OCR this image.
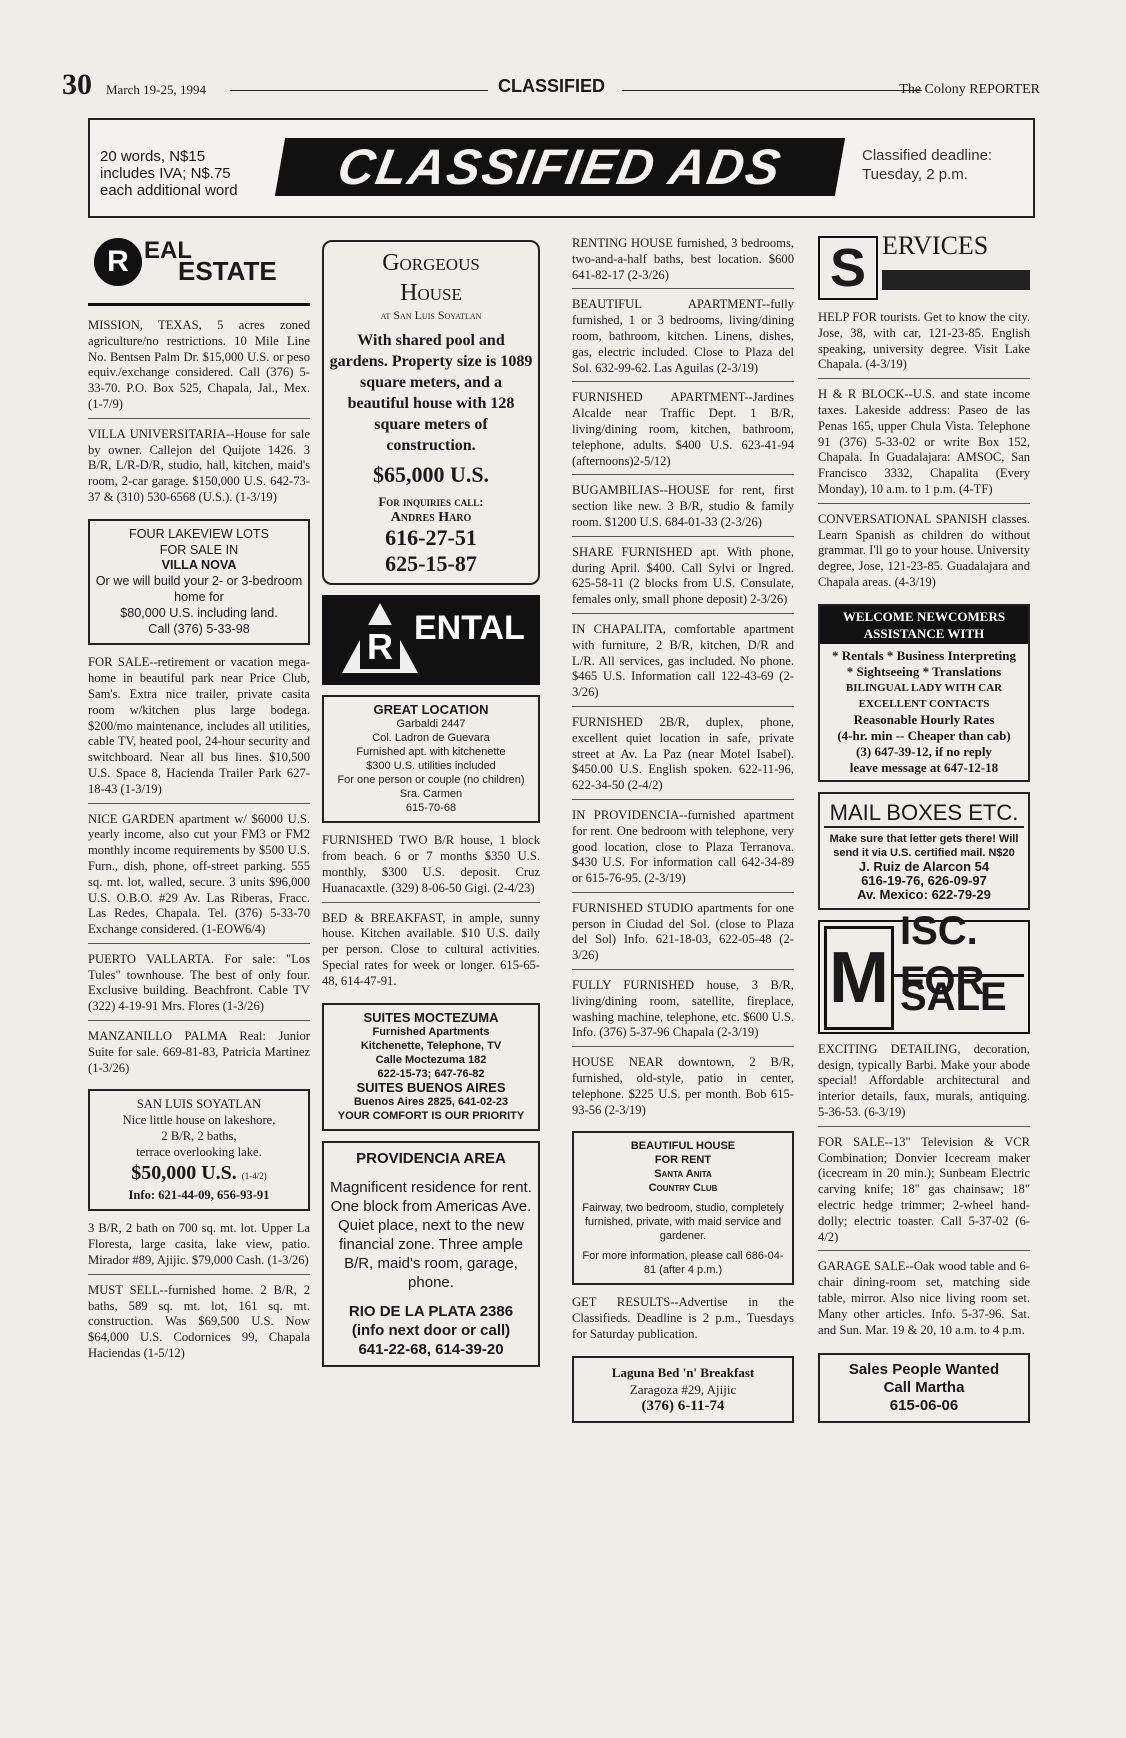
30 March 19-25, 1994	CLASSIFIED	The Colony REPORTER
20 words, N$15
includes IVA; N$.75
each additional word	CLASSIFIED ADS	Classified deadline:
Tuesday, 2 p.m.
R EAL
ESTATE
MISSION, TEXAS, 5 acres zoned agriculture/no restrictions. 10 Mile Line No. Bentsen Palm Dr. $15,000 U.S. or peso equiv./exchange considered. Call (376) 5-33-70. P.O. Box 525, Chapala, Jal., Mex. (1-7/9)
VILLA UNIVERSITARIA--House for sale by owner. Callejon del Quijote 1426. 3 B/R, L/R-D/R, studio, hall, kitchen, maid's room, 2-car garage. $150,000 U.S. 642-73-37 & (310) 530-6568 (U.S.). (1-3/19)
FOUR LAKEVIEW LOTS
FOR SALE IN
VILLA NOVA
Or we will build your 2- or 3-bedroom home for
$80,000 U.S. including land.
Call (376) 5-33-98
FOR SALE--retirement or vacation mega-home in beautiful park near Price Club, Sam's. Extra nice trailer, private casita room w/kitchen plus large bodega. $200/mo maintenance, includes all utilities, cable TV, heated pool, 24-hour security and switchboard. Near all bus lines. $10,500 U.S. Space 8, Hacienda Trailer Park 627-18-43 (1-3/19)
NICE GARDEN apartment w/ $6000 U.S. yearly income, also cut your FM3 or FM2 monthly income requirements by $500 U.S. Furn., dish, phone, off-street parking. 555 sq. mt. lot, walled, secure. 3 units $96,000 U.S. O.B.O. #29 Av. Las Riberas, Fracc. Las Redes, Chapala. Tel. (376) 5-33-70 Exchange considered. (1-EOW6/4)
PUERTO VALLARTA. For sale: "Los Tules" townhouse. The best of only four. Exclusive building. Beachfront. Cable TV (322) 4-19-91 Mrs. Flores (1-3/26)
MANZANILLO PALMA Real: Junior Suite for sale. 669-81-83, Patricia Martinez (1-3/26)
SAN LUIS SOYATLAN
Nice little house on lakeshore,
2 B/R, 2 baths,
terrace overlooking lake.
$50,000 U.S. (1-4/2)
Info: 621-44-09, 656-93-91
3 B/R, 2 bath on 700 sq. mt. lot. Upper La Floresta, large casita, lake view, patio. Mirador #89, Ajijic. $79,000 Cash. (1-3/26)
MUST SELL--furnished home. 2 B/R, 2 baths, 589 sq. mt. lot, 161 sq. mt. construction. Was $69,500 U.S. Now $64,000 U.S. Codornices 99, Chapala Haciendas (1-5/12)
Gorgeous
House
at San Luis Soyatlan
With shared pool and gardens. Property size is 1089 square meters, and a beautiful house with 128 square meters of construction.
$65,000 U.S.
For inquiries call:
Andres Haro
616-27-51
625-15-87
R ENTAL
GREAT LOCATION
Garbaldi 2447
Col. Ladron de Guevara
Furnished apt. with kitchenette
$300 U.S. utilities included
For one person or couple (no children) Sra. Carmen
615-70-68
FURNISHED TWO B/R house, 1 block from beach. 6 or 7 months $350 U.S. monthly, $300 U.S. deposit. Cruz Huanacaxtle. (329) 8-06-50 Gigi. (2-4/23)
BED & BREAKFAST, in ample, sunny house. Kitchen available. $10 U.S. daily per person. Close to cultural activities. Special rates for week or longer. 615-65-48, 614-47-91.
SUITES MOCTEZUMA
Furnished Apartments
Kitchenette, Telephone, TV
Calle Moctezuma 182
622-15-73; 647-76-82
SUITES BUENOS AIRES
Buenos Aires 2825, 641-02-23
YOUR COMFORT IS OUR PRIORITY
PROVIDENCIA AREA
Magnificent residence for rent. One block from Americas Ave. Quiet place, next to the new financial zone. Three ample B/R, maid's room, garage, phone.
RIO DE LA PLATA 2386
(info next door or call)
641-22-68, 614-39-20
RENTING HOUSE furnished, 3 bedrooms, two-and-a-half baths, best location. $600 641-82-17 (2-3/26)
BEAUTIFUL APARTMENT--fully furnished, 1 or 3 bedrooms, living/dining room, bathroom, kitchen. Linens, dishes, gas, electric included. Close to Plaza del Sol. 632-99-62. Las Aguilas (2-3/19)
FURNISHED APARTMENT--Jardines Alcalde near Traffic Dept. 1 B/R, living/dining room, kitchen, bathroom, telephone, adults. $400 U.S. 623-41-94 (afternoons)2-5/12)
BUGAMBILIAS--HOUSE for rent, first section like new. 3 B/R, studio & family room. $1200 U.S. 684-01-33 (2-3/26)
SHARE FURNISHED apt. With phone, during April. $400. Call Sylvi or Ingred. 625-58-11 (2 blocks from U.S. Consulate, females only, small phone deposit) 2-3/26)
IN CHAPALITA, comfortable apartment with furniture, 2 B/R, kitchen, D/R and L/R. All services, gas included. No phone. $465 U.S. Information call 122-43-69 (2-3/26)
FURNISHED 2B/R, duplex, phone, excellent quiet location in safe, private street at Av. La Paz (near Motel Isabel). $450.00 U.S. English spoken. 622-11-96, 622-34-50 (2-4/2)
IN PROVIDENCIA--furnished apartment for rent. One bedroom with telephone, very good location, close to Plaza Terranova. $430 U.S. For information call 642-34-89 or 615-76-95. (2-3/19)
FURNISHED STUDIO apartments for one person in Ciudad del Sol. (close to Plaza del Sol) Info. 621-18-03, 622-05-48 (2-3/26)
FULLY FURNISHED house, 3 B/R, living/dining room, satellite, fireplace, washing machine, telephone, etc. $600 U.S. Info. (376) 5-37-96 Chapala (2-3/19)
HOUSE NEAR downtown, 2 B/R, furnished, old-style, patio in center, telephone. $225 U.S. per month. Bob 615-93-56 (2-3/19)
BEAUTIFUL HOUSE
FOR RENT
Santa Anita
Country Club
Fairway, two bedroom, studio, completely furnished, private, with maid service and gardener.
For more information, please call 686-04-81 (after 4 p.m.)
GET RESULTS--Advertise in the Classifieds. Deadline is 2 p.m., Tuesdays for Saturday publication.
Laguna Bed 'n' Breakfast
Zaragoza #29, Ajijic
(376) 6-11-74
S ERVICES
HELP FOR tourists. Get to know the city. Jose, 38, with car, 121-23-85. English speaking, university degree. Visit Lake Chapala. (4-3/19)
H & R BLOCK--U.S. and state income taxes. Lakeside address: Paseo de las Penas 165, upper Chula Vista. Telephone 91 (376) 5-33-02 or write Box 152, Chapala. In Guadalajara: AMSOC, San Francisco 3332, Chapalita (Every Monday), 10 a.m. to 1 p.m. (4-TF)
CONVERSATIONAL SPANISH classes. Learn Spanish as children do without grammar. I'll go to your house. University degree, Jose, 121-23-85. Guadalajara and Chapala areas. (4-3/19)
WELCOME NEWCOMERS
ASSISTANCE WITH
* Rentals * Business Interpreting
* Sightseeing * Translations
BILINGUAL LADY WITH CAR
EXCELLENT CONTACTS
Reasonable Hourly Rates
(4-hr. min -- Cheaper than cab)
(3) 647-39-12, if no reply
leave message at 647-12-18
MAIL BOXES ETC.
Make sure that letter gets there! Will send it via U.S. certified mail. N$20
J. Ruiz de Alarcon 54
616-19-76, 626-09-97
Av. Mexico: 622-79-29
M
ISC.
FOR SALE
EXCITING DETAILING, decoration, design, typically Barbi. Make your abode special! Affordable architectural and interior details, faux, murals, antiquing. 5-36-53. (6-3/19)
FOR SALE--13" Television & VCR Combination; Donvier Icecream maker (icecream in 20 min.); Sunbeam Electric carving knife; 18" gas chainsaw; 18" electric hedge trimmer; 2-wheel hand-dolly; electric toaster. Call 5-37-02 (6-4/2)
GARAGE SALE--Oak wood table and 6-chair dining-room set, matching side table, mirror. Also nice living room set. Many other articles. Info. 5-37-96. Sat. and Sun. Mar. 19 & 20, 10 a.m. to 4 p.m.
Sales People Wanted
Call Martha
615-06-06
